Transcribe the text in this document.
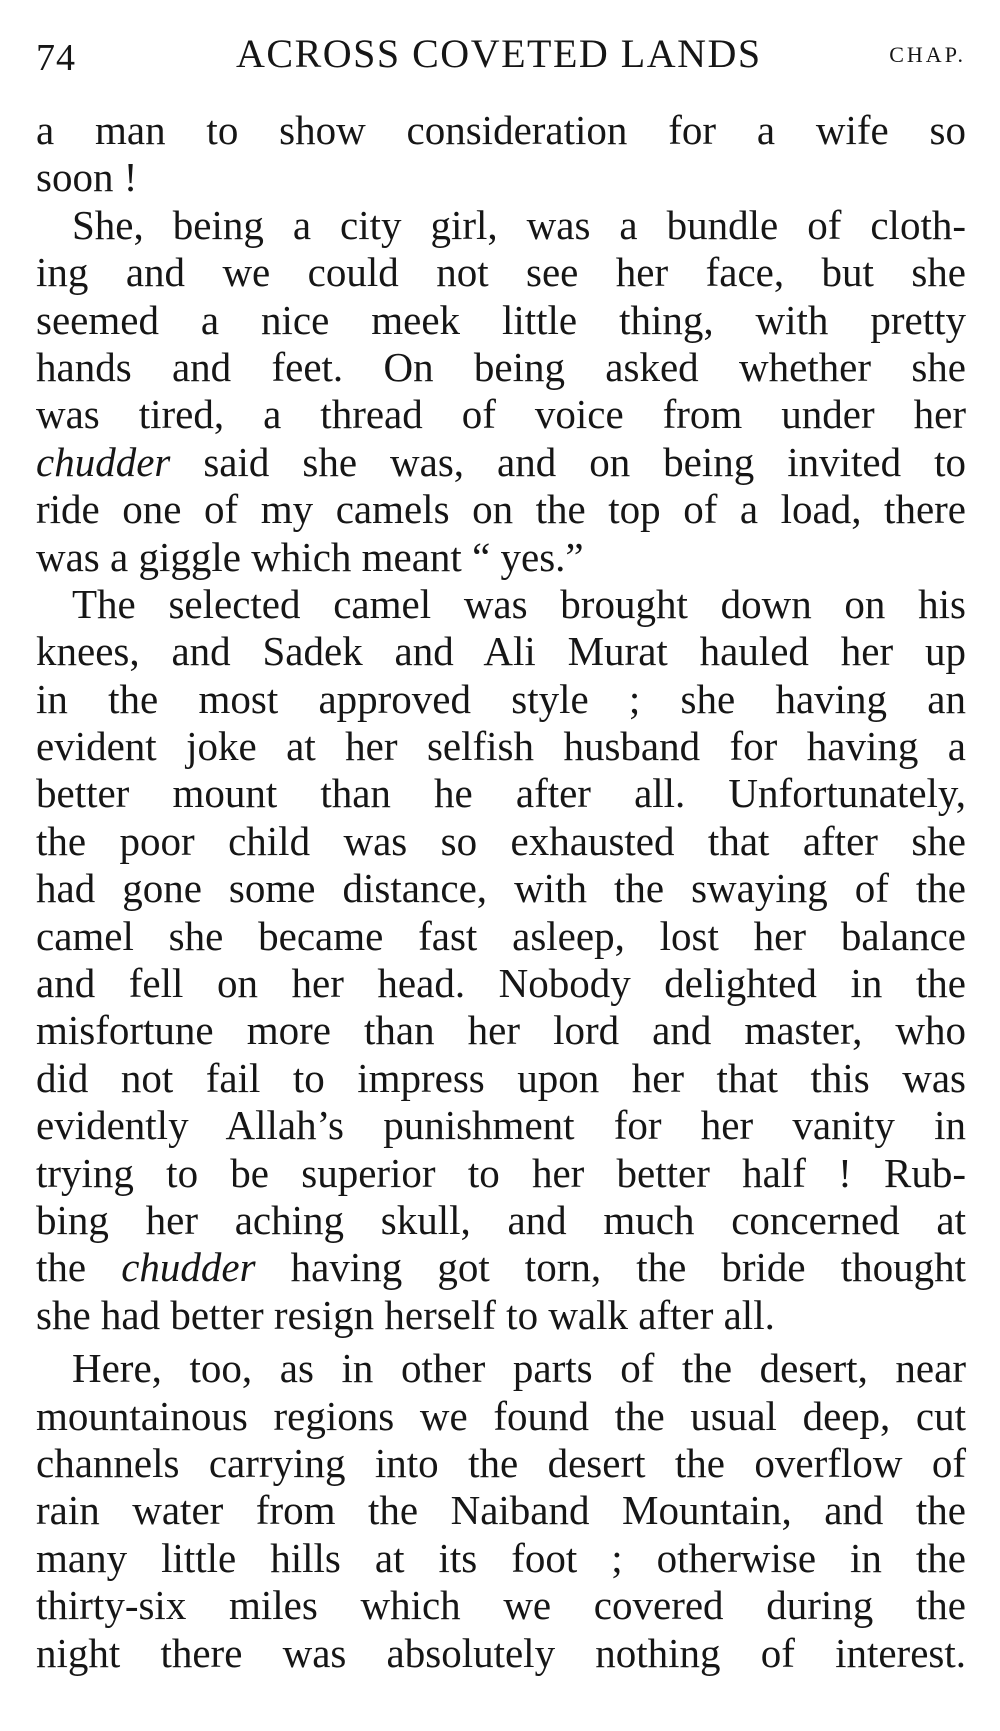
74	ACROSS COVETED LANDS	CHAP.
a man to show consideration for a wife so
soon !
She, being a city girl, was a bundle of cloth-
ing and we could not see her face, but she
seemed a nice meek little thing, with pretty
hands and feet. On being asked whether she
was tired, a thread of voice from under her
chudder said she was, and on being invited to
ride one of my camels on the top of a load, there
was a giggle which meant “ yes.”
The selected camel was brought down on his
knees, and Sadek and Ali Murat hauled her up
in the most approved style ; she having an
evident joke at her selfish husband for having a
better mount than he after all. Unfortunately,
the poor child was so exhausted that after she
had gone some distance, with the swaying of the
camel she became fast asleep, lost her balance
and fell on her head. Nobody delighted in the
misfortune more than her lord and master, who
did not fail to impress upon her that this was
evidently Allah’s punishment for her vanity in
trying to be superior to her better half ! Rub-
bing her aching skull, and much concerned at
the chudder having got torn, the bride thought
she had better resign herself to walk after all.
Here, too, as in other parts of the desert, near
mountainous regions we found the usual deep, cut
channels carrying into the desert the overflow of
rain water from the Naiband Mountain, and the
many little hills at its foot ; otherwise in the
thirty-six miles which we covered during the
night there was absolutely nothing of interest.
